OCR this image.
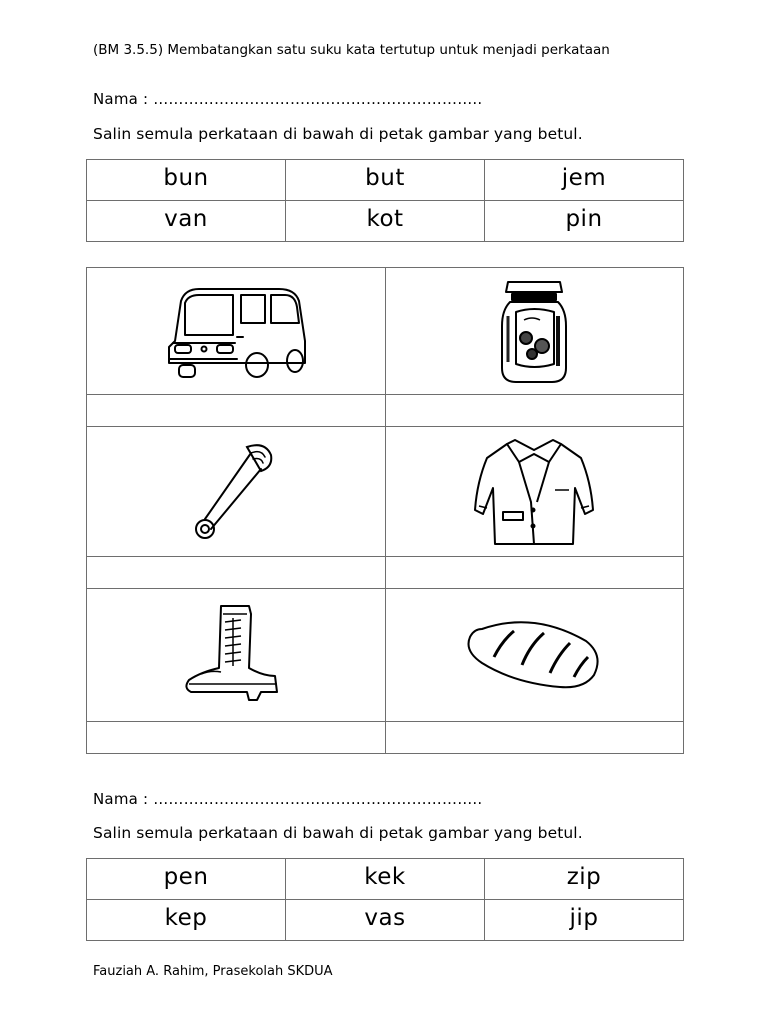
(BM 3.5.5) Membatangkan satu suku kata tertutup untuk menjadi perkataan
Nama : ………………………………………………………..
Salin semula perkataan di bawah di petak gambar yang betul.
bun	but	jem
van	kot	pin

Nama : ………………………………………………………..
Salin semula perkataan di bawah di petak gambar yang betul.
pen	kek	zip
kep	vas	jip
Fauziah A. Rahim, Prasekolah SKDUA
